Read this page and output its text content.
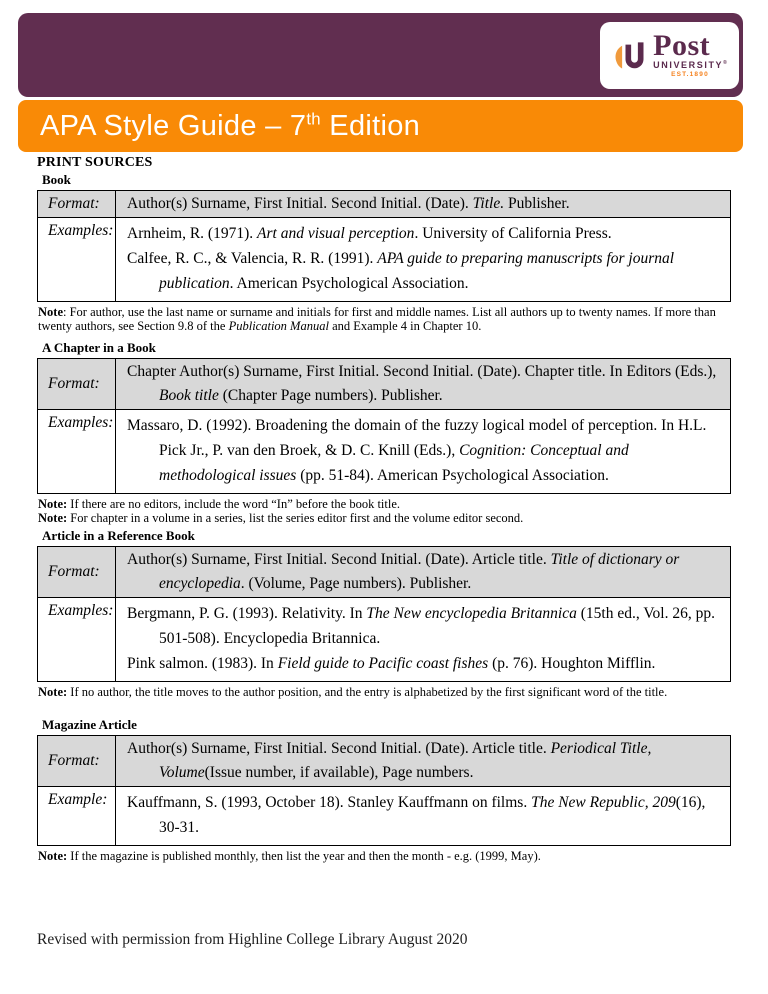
Post
UNIVERSITY®
EST.1890
APA Style Guide – 7th Edition
PRINT SOURCES
Book
Format:	Author(s) Surname, First Initial. Second Initial. (Date). Title. Publisher.
Examples: Arnheim, R. (1971). Art and visual perception. University of California Press.
Calfee, R. C., & Valencia, R. R. (1991). APA guide to preparing manuscripts for journal
publication. American Psychological Association.
Note: For author, use the last name or surname and initials for first and middle names. List all authors up to twenty names. If more than twenty authors, see Section 9.8 of the Publication Manual and Example 4 in Chapter 10.
A Chapter in a Book
Format:
Chapter Author(s) Surname, First Initial. Second Initial. (Date). Chapter title. In Editors (Eds.),
Book title (Chapter Page numbers). Publisher.
Examples: Massaro, D. (1992). Broadening the domain of the fuzzy logical model of perception. In H.L.
Pick Jr., P. van den Broek, & D. C. Knill (Eds.), Cognition: Conceptual and
methodological issues (pp. 51-84). American Psychological Association.
Note: If there are no editors, include the word “In” before the book title.
Note: For chapter in a volume in a series, list the series editor first and the volume editor second.
Article in a Reference Book
Format:
Author(s) Surname, First Initial. Second Initial. (Date). Article title. Title of dictionary or
encyclopedia. (Volume, Page numbers). Publisher.
Examples: Bergmann, P. G. (1993). Relativity. In The New encyclopedia Britannica (15th ed., Vol. 26, pp.
501-508). Encyclopedia Britannica.
Pink salmon. (1983). In Field guide to Pacific coast fishes (p. 76). Houghton Mifflin.
Note: If no author, the title moves to the author position, and the entry is alphabetized by the first significant word of the title.
Magazine Article
Format:
Author(s) Surname, First Initial. Second Initial. (Date). Article title. Periodical Title,
Volume(Issue number, if available), Page numbers.
Example:	Kauffmann, S. (1993, October 18). Stanley Kauffmann on films. The New Republic, 209(16),
30-31.
Note: If the magazine is published monthly, then list the year and then the month - e.g. (1999, May).
Revised with permission from Highline College Library August 2020
